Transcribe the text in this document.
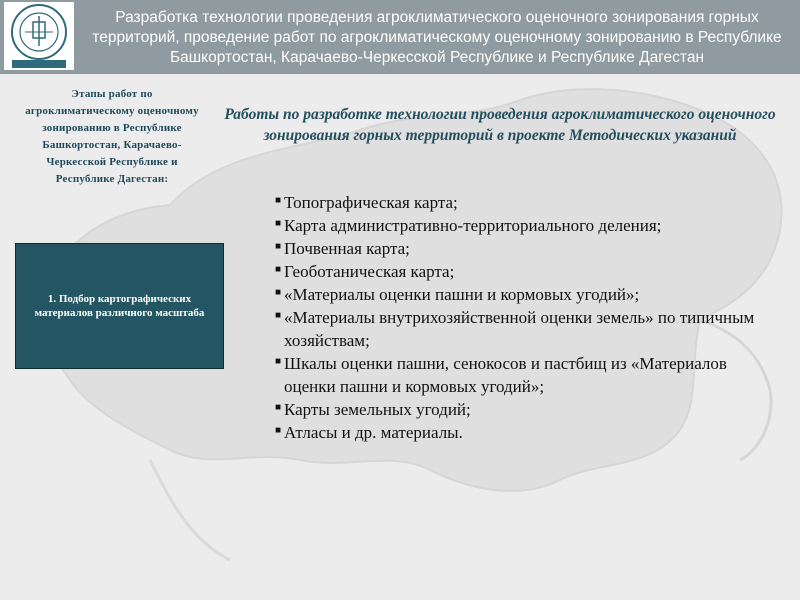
Разработка технологии проведения агроклиматического оценочного зонирования горных территорий, проведение работ по агроклиматическому оценочному зонированию в Республике Башкортостан, Карачаево-Черкесской Республике и Республике Дагестан
Этапы работ по агроклиматическому оценочному зонированию в Республике Башкортостан, Карачаево-Черкесской Республике и Республике Дагестан:
Работы по разработке технологии проведения агроклиматического оценочного зонирования горных территорий в проекте Методических указаний
1. Подбор картографических материалов различного масштаба
■ Топографическая карта;
■ Карта административно-территориального деления;
■ Почвенная карта;
■ Геоботаническая карта;
■ «Материалы оценки пашни и кормовых угодий»;
■ «Материалы внутрихозяйственной оценки земель» по типичным хозяйствам;
■ Шкалы оценки пашни, сенокосов и пастбищ из «Материалов оценки пашни и кормовых угодий»;
■ Карты земельных угодий;
■ Атласы и др. материалы.
